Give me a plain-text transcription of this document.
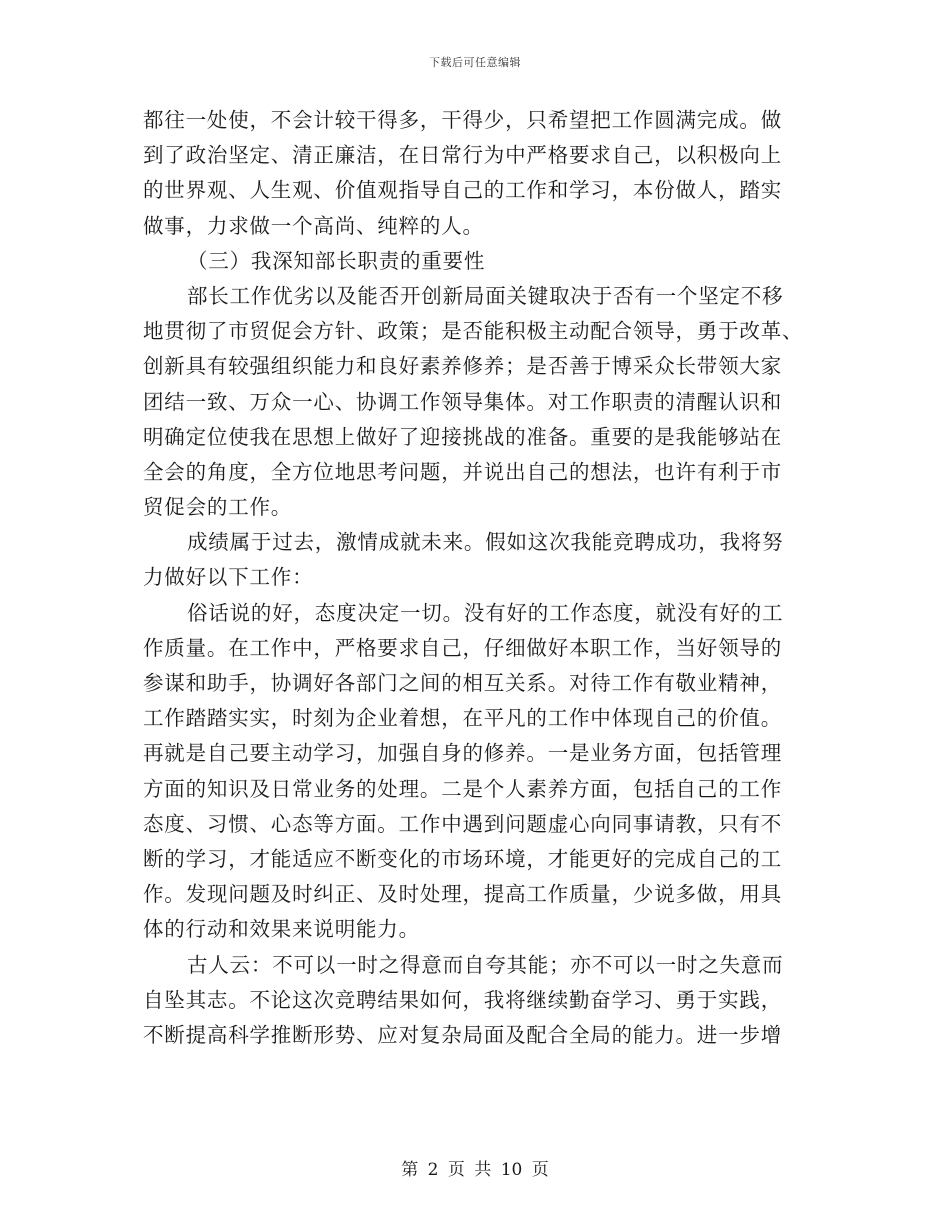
下载后可任意编辑
都往一处使，不会计较干得多，干得少，只希望把工作圆满完成。做
到了政治坚定、清正廉洁，在日常行为中严格要求自己，以积极向上
的世界观、人生观、价值观指导自己的工作和学习，本份做人，踏实
做事，力求做一个高尚、纯粹的人。
（三）我深知部长职责的重要性
部长工作优劣以及能否开创新局面关键取决于否有一个坚定不移
地贯彻了市贸促会方针、政策；是否能积极主动配合领导，勇于改革、
创新具有较强组织能力和良好素养修养；是否善于博采众长带领大家
团结一致、万众一心、协调工作领导集体。对工作职责的清醒认识和
明确定位使我在思想上做好了迎接挑战的准备。重要的是我能够站在
全会的角度，全方位地思考问题，并说出自己的想法，也许有利于市
贸促会的工作。
成绩属于过去，激情成就未来。假如这次我能竞聘成功，我将努
力做好以下工作：
俗话说的好，态度决定一切。没有好的工作态度，就没有好的工
作质量。在工作中，严格要求自己，仔细做好本职工作，当好领导的
参谋和助手，协调好各部门之间的相互关系。对待工作有敬业精神，
工作踏踏实实，时刻为企业着想，在平凡的工作中体现自己的价值。
再就是自己要主动学习，加强自身的修养。一是业务方面，包括管理
方面的知识及日常业务的处理。二是个人素养方面，包括自己的工作
态度、习惯、心态等方面。工作中遇到问题虚心向同事请教，只有不
断的学习，才能适应不断变化的市场环境，才能更好的完成自己的工
作。发现问题及时纠正、及时处理，提高工作质量，少说多做，用具
体的行动和效果来说明能力。
古人云：不可以一时之得意而自夸其能；亦不可以一时之失意而
自坠其志。不论这次竞聘结果如何，我将继续勤奋学习、勇于实践，
不断提高科学推断形势、应对复杂局面及配合全局的能力。进一步增
第 2 页 共 10 页
